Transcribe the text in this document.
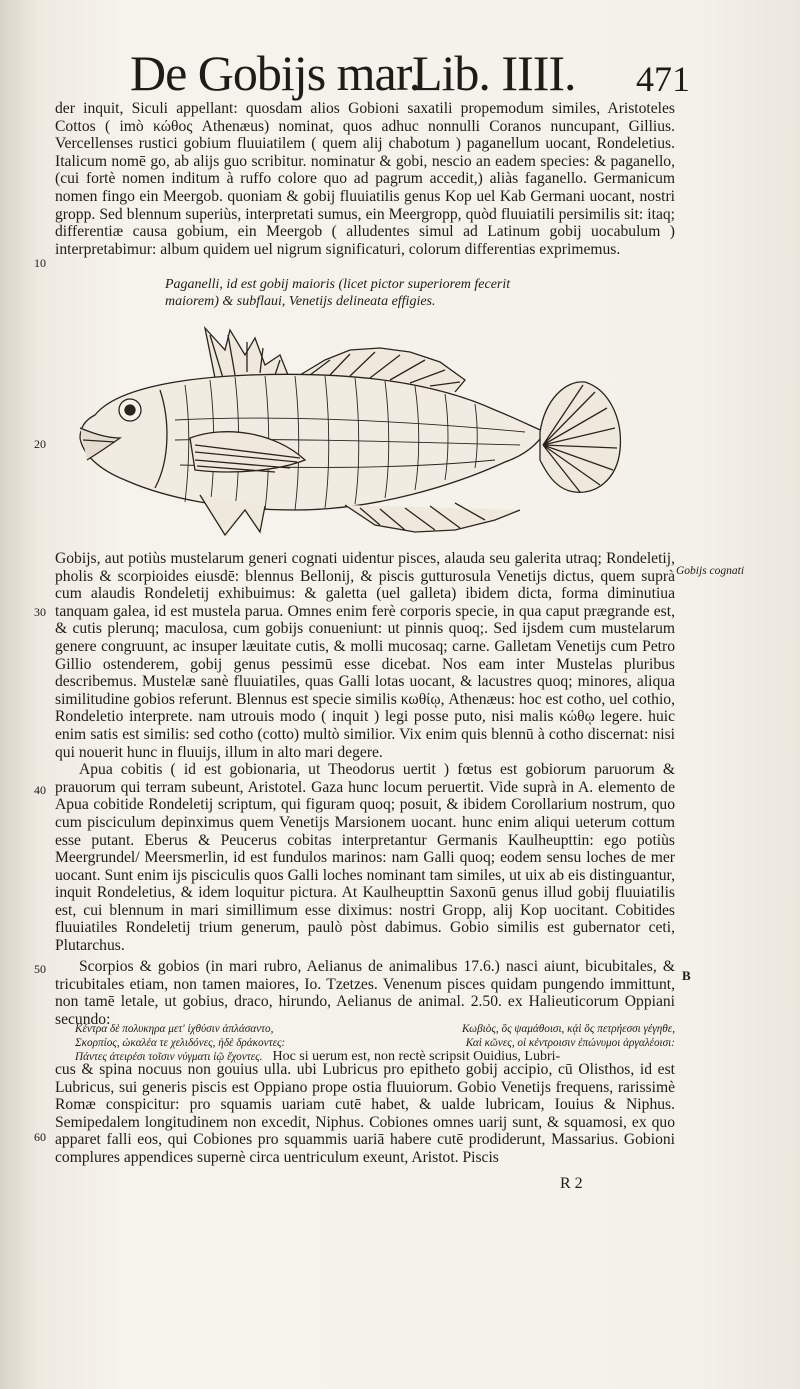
De Gobijs mar.
Lib. IIII. 471

der inquit, Siculi appellant: quosdam alios Gobioni saxatili propemodum similes, Aristoteles Cottos ( imò κώθος Athenæus) nominat, quos adhuc nonnulli Coranos nuncupant, Gillius. Vercellenses rustici gobium fluuiatilem ( quem alij chabotum ) paganellum uocant, Rondeletius. Italicum nomē go, ab alijs guo scribitur. nominatur & gobi, nescio an eadem species: & paganello, (cui fortè nomen inditum à ruffo colore quo ad pagrum accedit,) aliàs faganello. Germanicum nomen fingo ein Meergob. quoniam & gobij fluuiatilis genus Kop uel Kab Germani uocant, nostri gropp. Sed blennum superiùs, interpretati sumus, ein Meergropp, quòd fluuiatili persimilis sit: itaq; differentiæ causa gobium, ein Meergob ( alludentes simul ad Latinum gobij uocabulum ) interpretabimur: album quidem uel nigrum significaturi, colorum differentias exprimemus.

10
Paganelli, id est gobij maioris (licet pictor superiorem fecerit maiorem) & subflaui, Venetijs delineata effigies.
20

Gobijs, aut potiùs mustelarum generi cognati uidentur pisces, alauda seu galerita utraq; Rondeletij, pholis & scorpioides eiusdē: blennus Bellonij, & piscis gutturosula Venetijs dictus, quem suprà cum alaudis Rondeletij exhibuimus: & galetta (uel galleta) ibidem dicta, forma diminutiua tanquam galea, id est mustela parua. Omnes enim ferè corporis specie, in qua caput prægrande est, & cutis plerunq; maculosa, cum gobijs conueniunt: ut pinnis quoq;. Sed ijsdem cum mustelarum genere congruunt, ac insuper læuitate cutis, & molli mucosaq; carne. Galletam Venetijs cum Petro Gillio ostenderem, gobij genus pessimū esse dicebat. Nos eam inter Mustelas pluribus describemus. Mustelæ sanè fluuiatiles, quas Galli lotas uocant, & lacustres quoq; minores, aliqua similitudine gobios referunt. Blennus est specie similis κωθίῳ, Athenæus: hoc est cotho, uel cothio, Rondeletio interprete. nam utrouis modo ( inquit ) legi posse puto, nisi malis κώθῳ legere. huic enim satis est similis: sed cotho (cotto) multò similior. Vix enim quis blennū à cotho discernat: nisi qui nouerit hunc in fluuijs, illum in alto mari degere.

Apua cobitis ( id est gobionaria, ut Theodorus uertit ) fœtus est gobiorum paruorum & prauorum qui terram subeunt, Aristotel. Gaza hunc locum peruertit. Vide suprà in A. elemento de Apua cobitide Rondeletij scriptum, qui figuram quoq; posuit, & ibidem Corollarium nostrum, quo cum pisciculum depinximus quem Venetijs Marsionem uocant. hunc enim aliqui ueterum cottum esse putant. Eberus & Peucerus cobitas interpretantur Germanis Kaulheupttin: ego potiùs Meergrundel/ Meersmerlin, id est fundulos marinos: nam Galli quoq; eodem sensu loches de mer uocant. Sunt enim ijs pisciculis quos Galli loches nominant tam similes, ut uix ab eis distinguantur, inquit Rondeletius, & idem loquitur pictura. At Kaulheupttin Saxonū genus illud gobij fluuiatilis est, cui blennum in mari simillimum esse diximus: nostri Gropp, alij Kop uocitant. Cobitides fluuiatiles Rondeletij trium generum, paulò pòst dabimus. Gobio similis est gubernator ceti, Plutarchus.

30
40
Gobijs cognati

Scorpios & gobios (in mari rubro, Aelianus de animalibus 17.6.) nasci aiunt, bicubitales, & tricubitales etiam, non tamen maiores, Io. Tzetzes. Venenum pisces quidam pungendo immittunt, non tamē letale, ut gobius, draco, hirundo, Aelianus de animal. 2.50. ex Halieuticorum Oppiani secundo:

50	B
Κέντρα δὲ πολυκηρα μετ' ἰχθύσιν ἀπλάσαντο,	Κωβιὸς, ὃς ψαμάθοισι, κᾀὶ ὃς πετρήεσσι γέγηθε,
Σκορπίος, ὠκαλέα τε χελιδόνες, ἠδὲ δράκοντες:	Καὶ κῶνες, οἱ κέντροισιν ἐπώνυμοι ἀργαλέοισι:
Πάντες ἀτειρέσι τοῖσιν νύγματι ἰῷ ἔχοντες. Hoc si uerum est, non rectè scripsit Ouidius, Lubri-

cus & spina nocuus non gouius ulla. ubi Lubricus pro epitheto gobij accipio, cū Olisthos, id est Lubricus, sui generis piscis est Oppiano prope ostia fluuiorum. Gobio Venetijs frequens, rarissimè Romæ conspicitur: pro squamis uariam cutē habet, & ualde lubricam, Iouius & Niphus. Semipedalem longitudinem non excedit, Niphus. Cobiones omnes uarij sunt, & squamosi, ex quo apparet falli eos, qui Cobiones pro squammis uariā habere cutē prodiderunt, Massarius. Gobioni complures appendices supernè circa uentriculum exeunt, Aristot. Piscis

60
R 2
